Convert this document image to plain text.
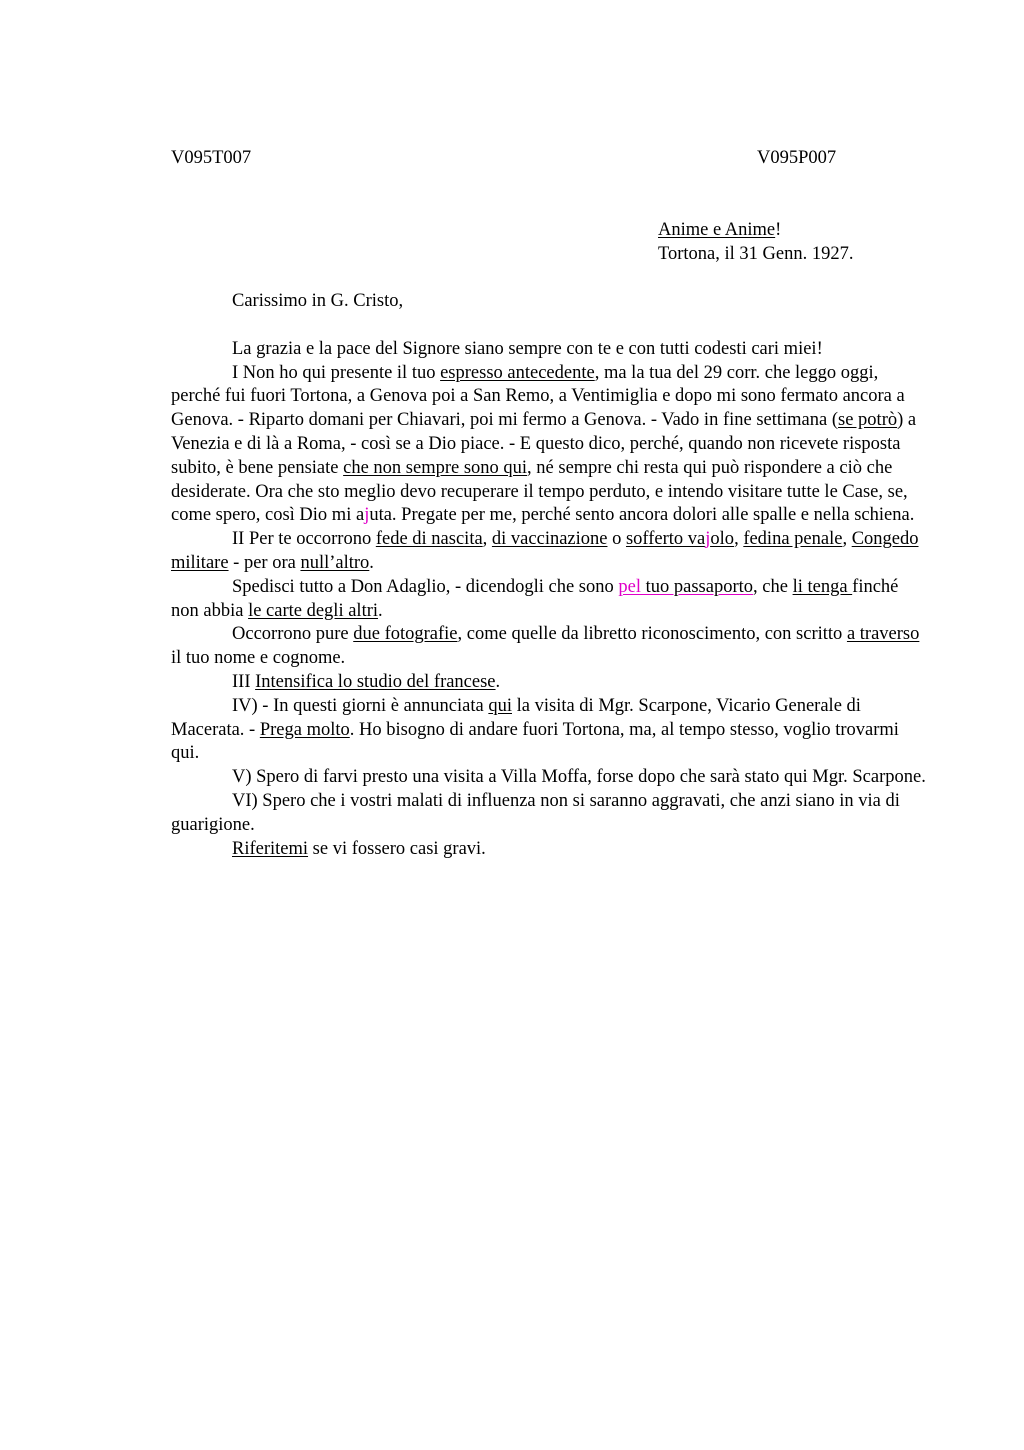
V095T007	V095P007
Anime e Anime!
Tortona, il 31 Genn. 1927.

Carissimo in G. Cristo,

La grazia e la pace del Signore siano sempre con te e con tutti codesti cari miei!

I Non ho qui presente il tuo espresso antecedente, ma la tua del 29 corr. che leggo oggi, perché fui fuori Tortona, a Genova poi a San Remo, a Ventimiglia e dopo mi sono fermato ancora a Genova. - Riparto domani per Chiavari, poi mi fermo a Genova. - Vado in fine settimana (se potrò) a Venezia e di là a Roma, - così se a Dio piace. - E questo dico, perché, quando non ricevete risposta subito, è bene pensiate che non sempre sono qui, né sempre chi resta qui può rispondere a ciò che desiderate. Ora che sto meglio devo recuperare il tempo perduto, e intendo visitare tutte le Case, se, come spero, così Dio mi ajuta. Pregate per me, perché sento ancora dolori alle spalle e nella schiena.

II Per te occorrono fede di nascita, di vaccinazione o sofferto vajolo, fedina penale, Congedo militare - per ora null’altro.

Spedisci tutto a Don Adaglio, - dicendogli che sono pel tuo passaporto, che li tenga finché non abbia le carte degli altri.

Occorrono pure due fotografie, come quelle da libretto riconoscimento, con scritto a traverso il tuo nome e cognome.

III Intensifica lo studio del francese.

IV) - In questi giorni è annunciata qui la visita di Mgr. Scarpone, Vicario Generale di Macerata. - Prega molto. Ho bisogno di andare fuori Tortona, ma, al tempo stesso, voglio trovarmi qui.

V) Spero di farvi presto una visita a Villa Moffa, forse dopo che sarà stato qui Mgr. Scarpone.

VI) Spero che i vostri malati di influenza non si saranno aggravati, che anzi siano in via di guarigione.

Riferitemi se vi fossero casi gravi.
